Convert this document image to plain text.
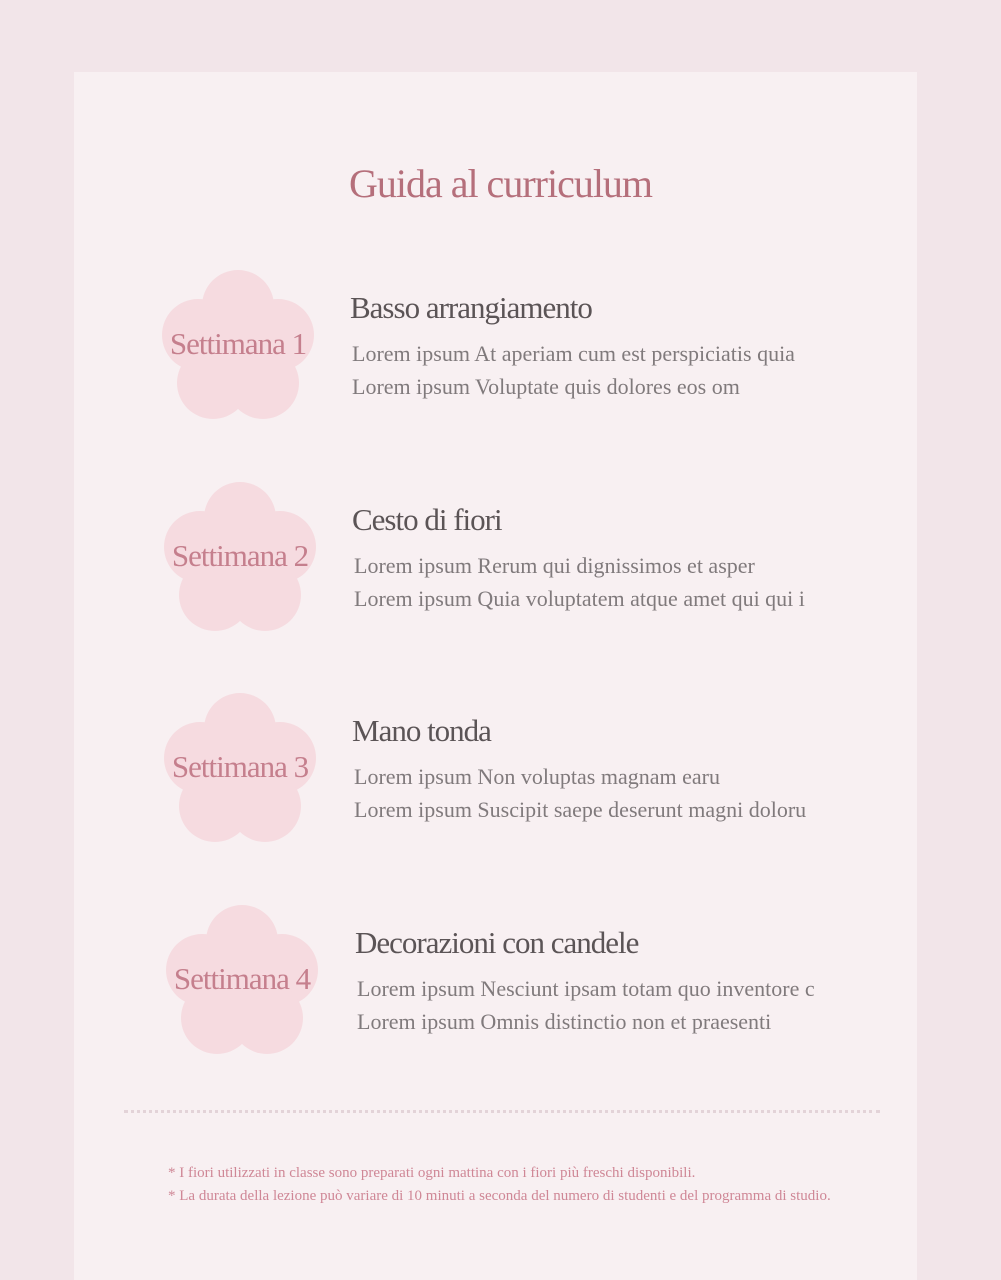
Guida al curriculum
Settimana 1
Basso arrangiamento
Lorem ipsum At aperiam cum est perspiciatis quia
Lorem ipsum Voluptate quis dolores eos om
Settimana 2
Cesto di fiori
Lorem ipsum Rerum qui dignissimos et asper
Lorem ipsum Quia voluptatem atque amet qui qui i
Settimana 3
Mano tonda
Lorem ipsum Non voluptas magnam earu
Lorem ipsum Suscipit saepe deserunt magni doloru
Settimana 4
Decorazioni con candele
Lorem ipsum Nesciunt ipsam totam quo inventore c
Lorem ipsum Omnis distinctio non et praesenti
* I fiori utilizzati in classe sono preparati ogni mattina con i fiori più freschi disponibili.
* La durata della lezione può variare di 10 minuti a seconda del numero di studenti e del programma di studio.
